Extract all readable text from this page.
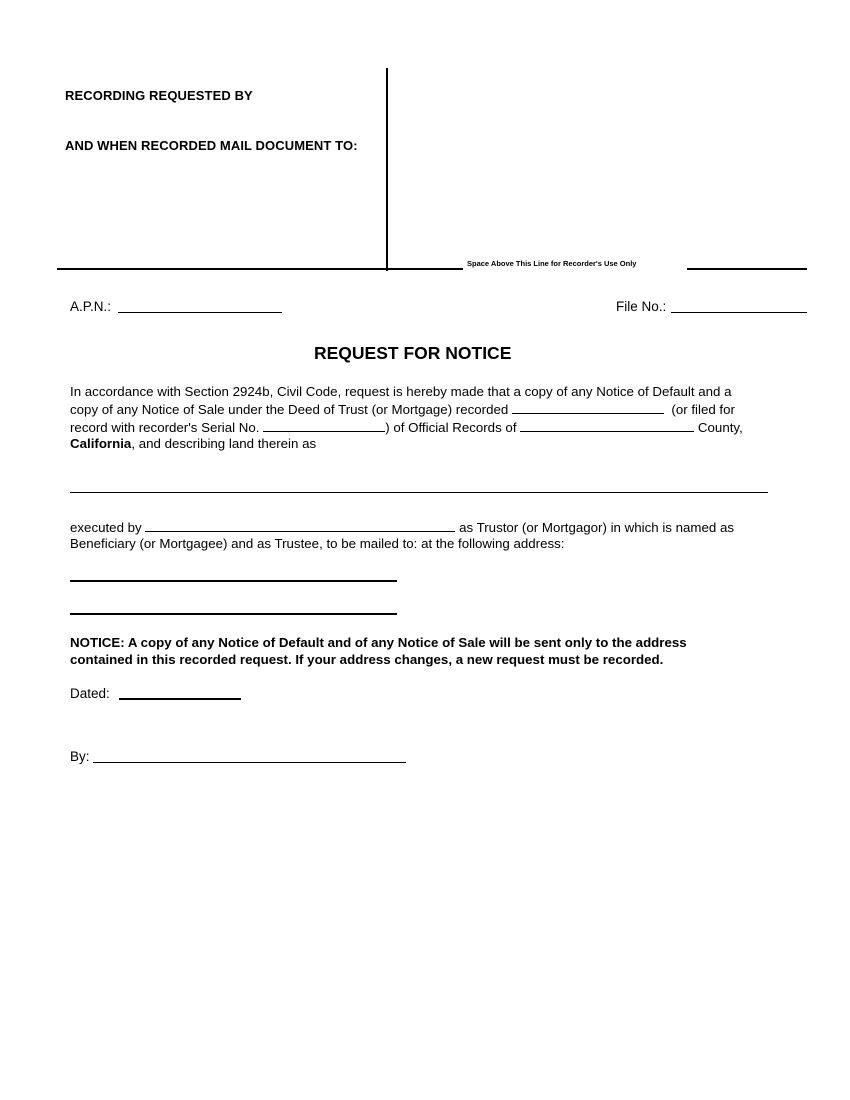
RECORDING REQUESTED BY
AND WHEN RECORDED MAIL DOCUMENT TO:
Space Above This Line for Recorder's Use Only
A.P.N.:	File No.:
REQUEST FOR NOTICE
In accordance with Section 2924b, Civil Code, request is hereby made that a copy of any Notice of Default and a
copy of any Notice of Sale under the Deed of Trust (or Mortgage) recorded	(or filed for
record with recorder's Serial No.	) of Official Records of	County,
California, and describing land therein as
executed by	as Trustor (or Mortgagor) in which is named as
Beneficiary (or Mortgagee) and as Trustee, to be mailed to: at the following address:
NOTICE: A copy of any Notice of Default and of any Notice of Sale will be sent only to the address
contained in this recorded request. If your address changes, a new request must be recorded.
Dated:
By:
